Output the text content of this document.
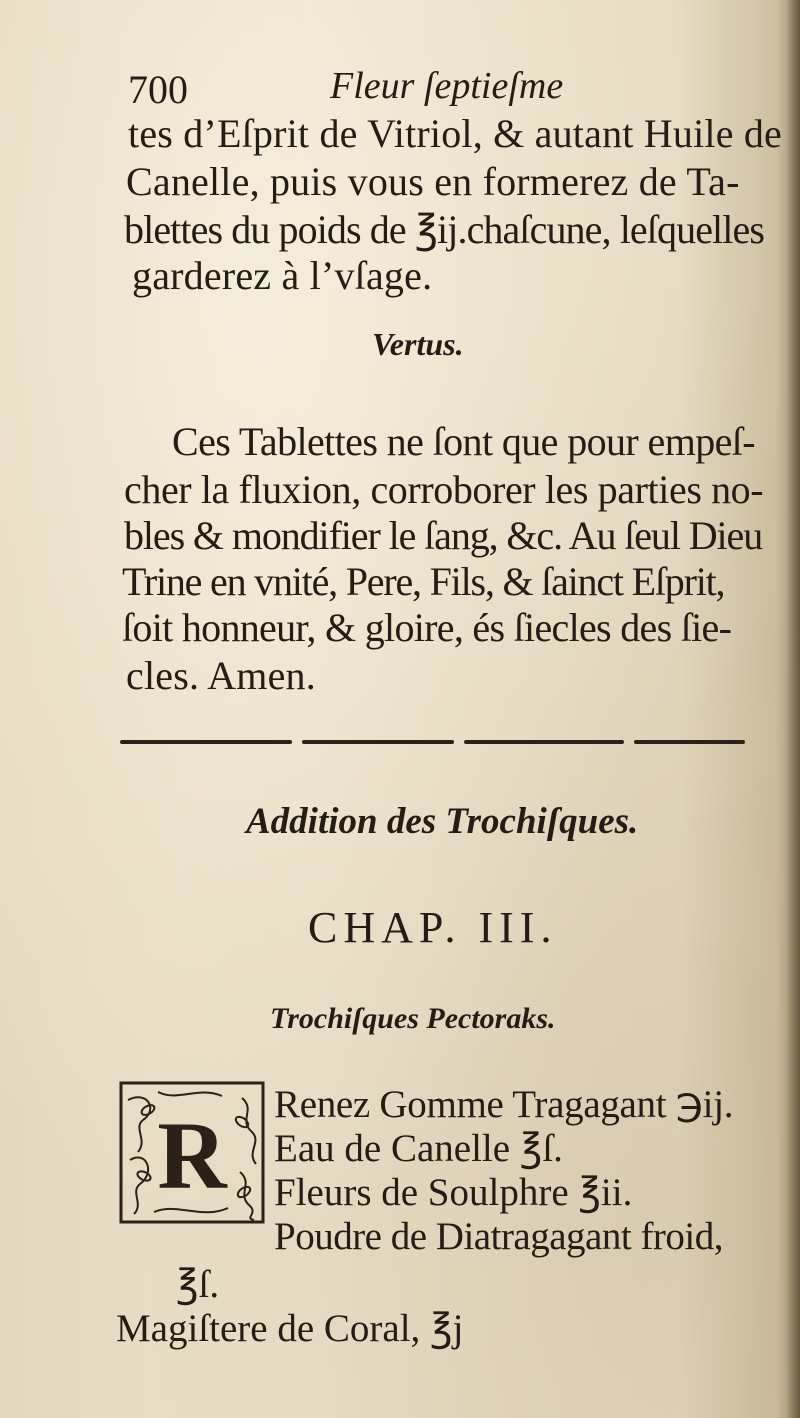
700	Fleur ſeptieſme
tes d’Eſprit de Vitriol, & autant Huile de
Canelle, puis vous en formerez de Ta-
blettes du poids de ℥ij.chaſcune, leſquelles
garderez à l’vſage.
Vertus.
Ces Tablettes ne ſont que pour empeſ-
cher la fluxion, corroborer les parties no-
bles & mondifier le ſang, &c. Au ſeul Dieu
Trine en vnité, Pere, Fils, & ſainct Eſprit,
ſoit honneur, & gloire, és ſiecles des ſie-
cles. Amen.
Addition des Trochiſques.
CHAP. III.
Trochiſques Pectoraks.
R Renez Gomme Tragagant ℈ij.
Eau de Canelle ℥ſ.
Fleurs de Soulphre ℥ii.
Poudre de Diatragagant froid,
℥ſ.
Magiſtere de Coral, ℥j
